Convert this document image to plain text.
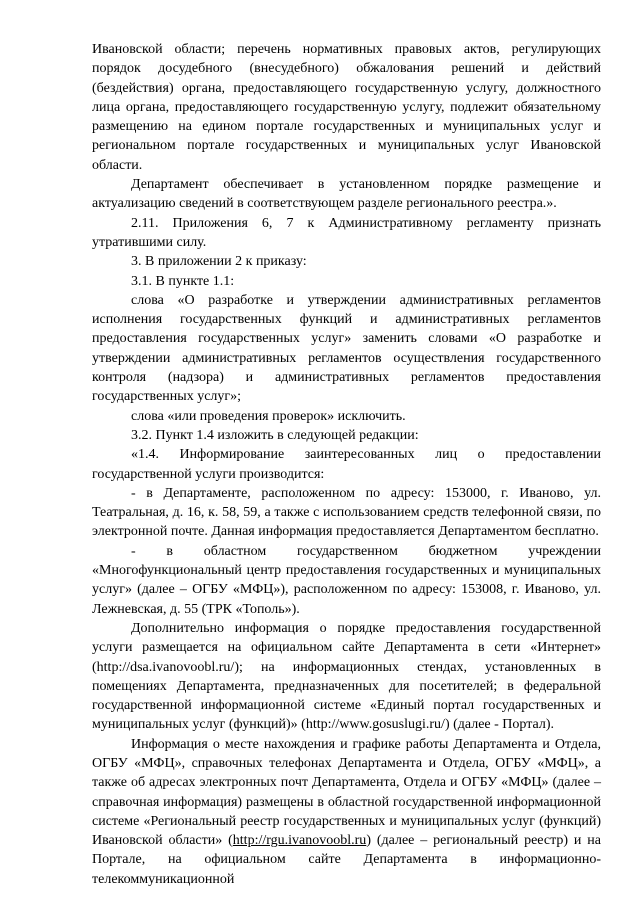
Ивановской области; перечень нормативных правовых актов, регулирующих порядок досудебного (внесудебного) обжалования решений и действий (бездействия) органа, предоставляющего государственную услугу, должностного лица органа, предоставляющего государственную услугу, подлежит обязательному размещению на едином портале государственных и муниципальных услуг и региональном портале государственных и муниципальных услуг Ивановской области.

Департамент обеспечивает в установленном порядке размещение и актуализацию сведений в соответствующем разделе регионального реестра.».

2.11. Приложения 6, 7 к Административному регламенту признать утратившими силу.

3. В приложении 2 к приказу:

3.1. В пункте 1.1:

слова «О разработке и утверждении административных регламентов исполнения государственных функций и административных регламентов предоставления государственных услуг» заменить словами «О разработке и утверждении административных регламентов осуществления государственного контроля (надзора) и административных регламентов предоставления государственных услуг»;

слова «или проведения проверок» исключить.

3.2. Пункт 1.4 изложить в следующей редакции:

«1.4. Информирование заинтересованных лиц о предоставлении государственной услуги производится:

- в Департаменте, расположенном по адресу: 153000, г. Иваново, ул. Театральная, д. 16, к. 58, 59, а также с использованием средств телефонной связи, по электронной почте. Данная информация предоставляется Департаментом бесплатно.

- в областном государственном бюджетном учреждении «Многофункциональный центр предоставления государственных и муниципальных услуг» (далее – ОГБУ «МФЦ»), расположенном по адресу: 153008, г. Иваново, ул. Лежневская, д. 55 (ТРК «Тополь»).

Дополнительно информация о порядке предоставления государственной услуги размещается на официальном сайте Департамента в сети «Интернет» (http://dsa.ivanovoobl.ru/); на информационных стендах, установленных в помещениях Департамента, предназначенных для посетителей; в федеральной государственной информационной системе «Единый портал государственных и муниципальных услуг (функций)» (http://www.gosuslugi.ru/) (далее - Портал).

Информация о месте нахождения и графике работы Департамента и Отдела, ОГБУ «МФЦ», справочных телефонах Департамента и Отдела, ОГБУ «МФЦ», а также об адресах электронных почт Департамента, Отдела и ОГБУ «МФЦ» (далее – справочная информация) размещены в областной государственной информационной системе «Региональный реестр государственных и муниципальных услуг (функций) Ивановской области» (http://rgu.ivanovoobl.ru) (далее – региональный реестр) и на Портале, на официальном сайте Департамента в информационно-телекоммуникационной
